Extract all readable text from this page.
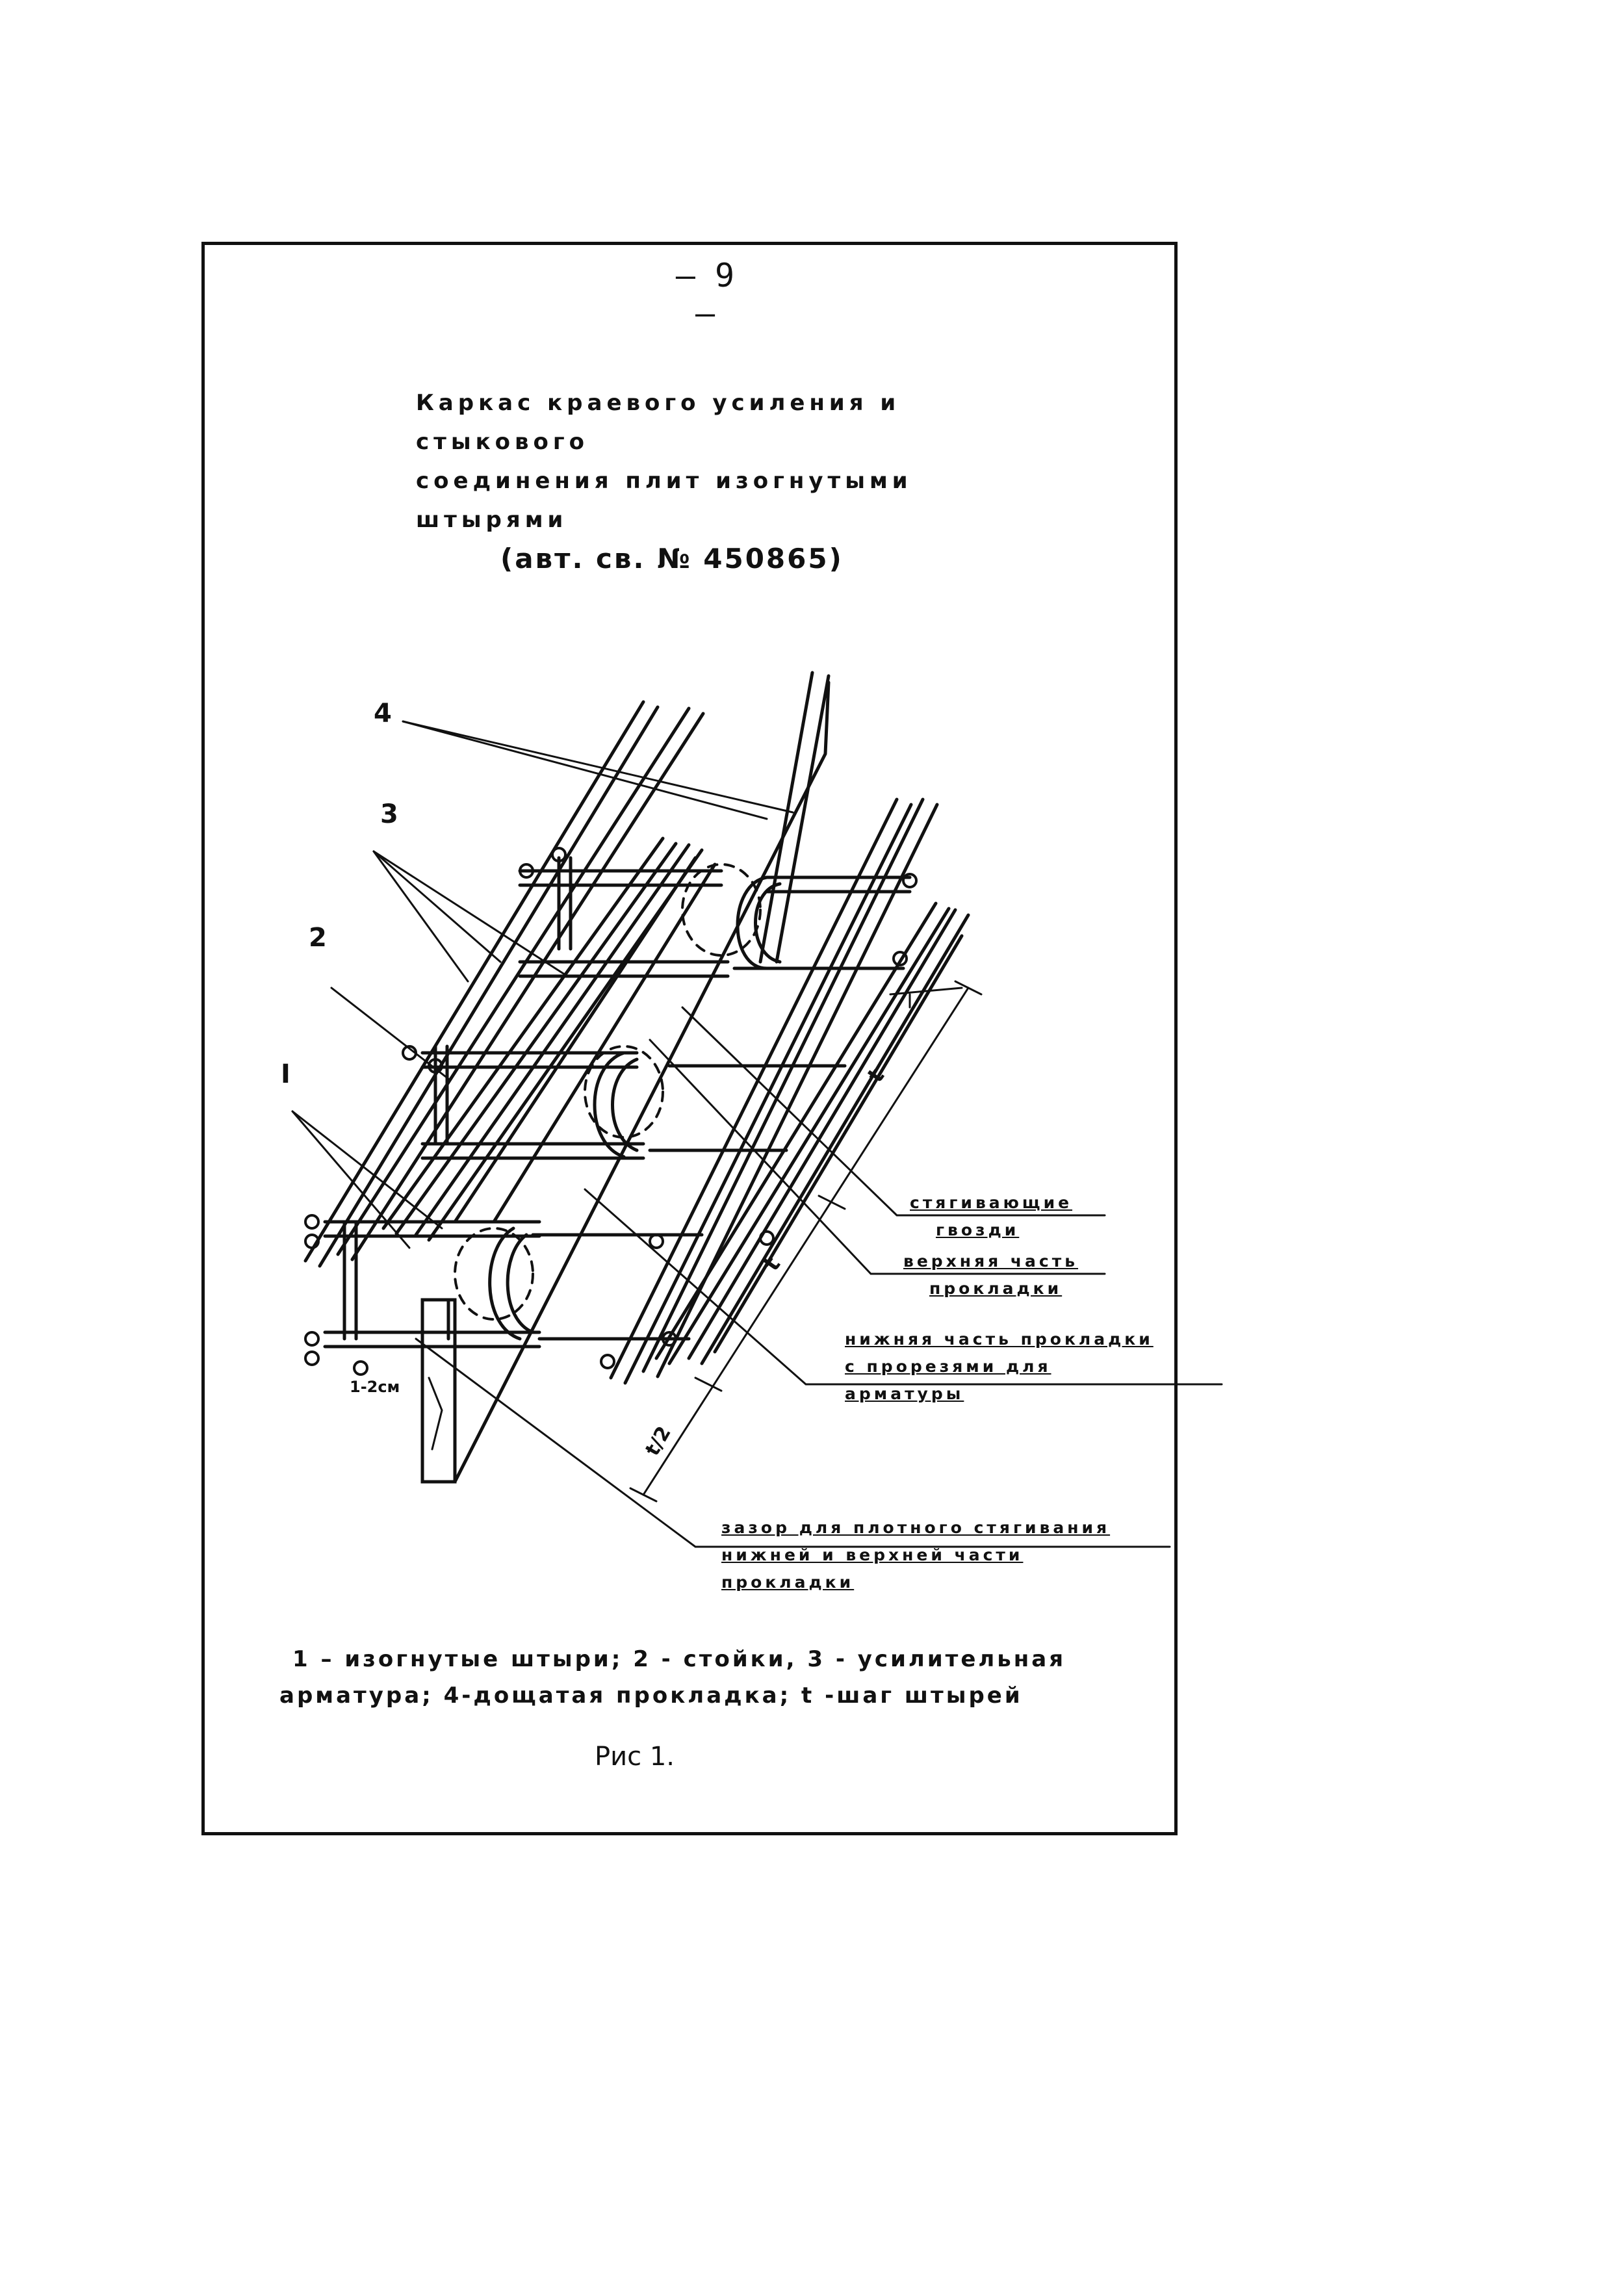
– 9 –
Каркас краевого усиления и стыкового
соединения плит изогнутыми штырями
(авт. св. № 450865)
4
3
2
I
1-2см
t
t
t/2
стягивающие
гвозди
верхняя часть
прокладки
нижняя часть прокладки
с прорезями для
арматуры
зазор для плотного стягивания
нижней и верхней части
прокладки
1 – изогнутые штыри; 2 - стойки, 3 - усилительная
арматура; 4-дощатая прокладка; t -шаг штырей
Рис 1.
